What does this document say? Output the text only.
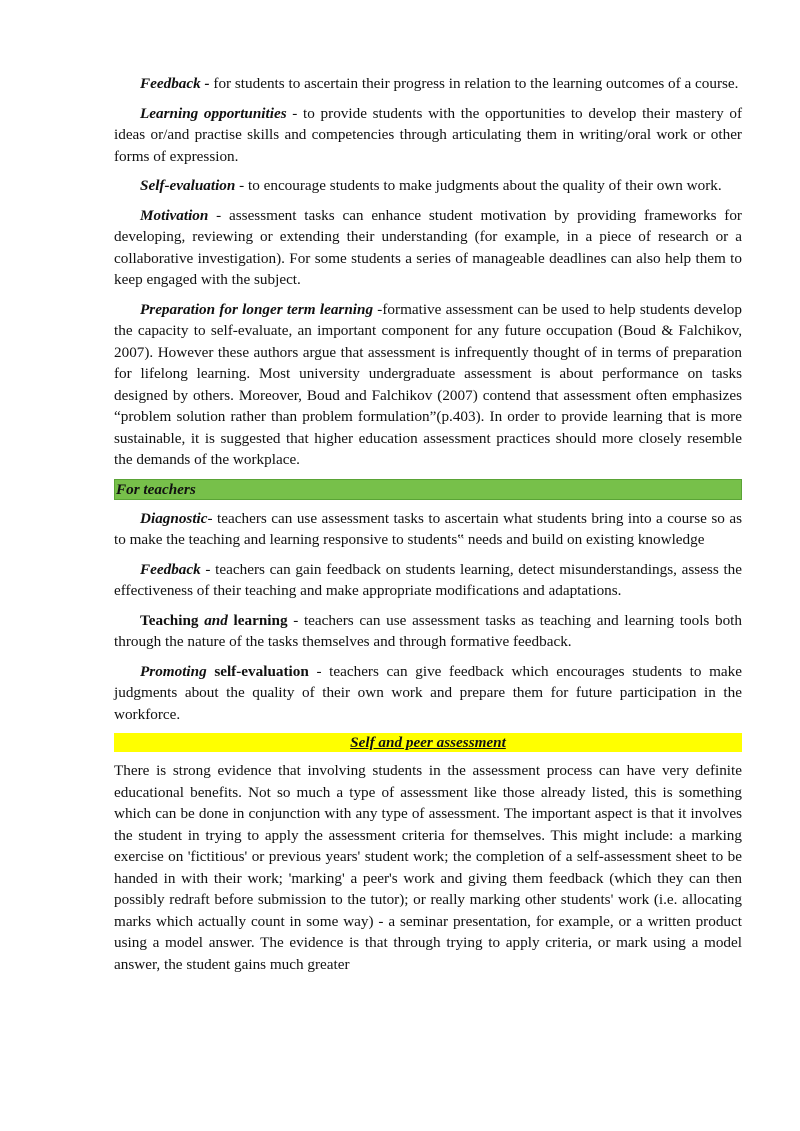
Feedback - for students to ascertain their progress in relation to the learning outcomes of a course.

Learning opportunities - to provide students with the opportunities to develop their mastery of ideas or/and practise skills and competencies through articulating them in writing/oral work or other forms of expression.

Self-evaluation - to encourage students to make judgments about the quality of their own work.

Motivation - assessment tasks can enhance student motivation by providing frameworks for developing, reviewing or extending their understanding (for example, in a piece of research or a collaborative investigation). For some students a series of manageable deadlines can also help them to keep engaged with the subject.

Preparation for longer term learning -formative assessment can be used to help students develop the capacity to self-evaluate, an important component for any future occupation (Boud & Falchikov, 2007). However these authors argue that assessment is infrequently thought of in terms of preparation for lifelong learning. Most university undergraduate assessment is about performance on tasks designed by others. Moreover, Boud and Falchikov (2007) contend that assessment often emphasizes “problem solution rather than problem formulation”(p.403). In order to provide learning that is more sustainable, it is suggested that higher education assessment practices should more closely resemble the demands of the workplace.

For teachers

Diagnostic- teachers can use assessment tasks to ascertain what students bring into a course so as to make the teaching and learning responsive to students‟ needs and build on existing knowledge

Feedback - teachers can gain feedback on students learning, detect misunderstandings, assess the effectiveness of their teaching and make appropriate modifications and adaptations.

Teaching and learning - teachers can use assessment tasks as teaching and learning tools both through the nature of the tasks themselves and through formative feedback.

Promoting self-evaluation - teachers can give feedback which encourages students to make judgments about the quality of their own work and prepare them for future participation in the workforce.

Self and peer assessment

There is strong evidence that involving students in the assessment process can have very definite educational benefits. Not so much a type of assessment like those already listed, this is something which can be done in conjunction with any type of assessment. The important aspect is that it involves the student in trying to apply the assessment criteria for themselves. This might include: a marking exercise on 'fictitious' or previous years' student work; the completion of a self-assessment sheet to be handed in with their work; 'marking' a peer's work and giving them feedback (which they can then possibly redraft before submission to the tutor); or really marking other students' work (i.e. allocating marks which actually count in some way) - a seminar presentation, for example, or a written product using a model answer. The evidence is that through trying to apply criteria, or mark using a model answer, the student gains much greater
